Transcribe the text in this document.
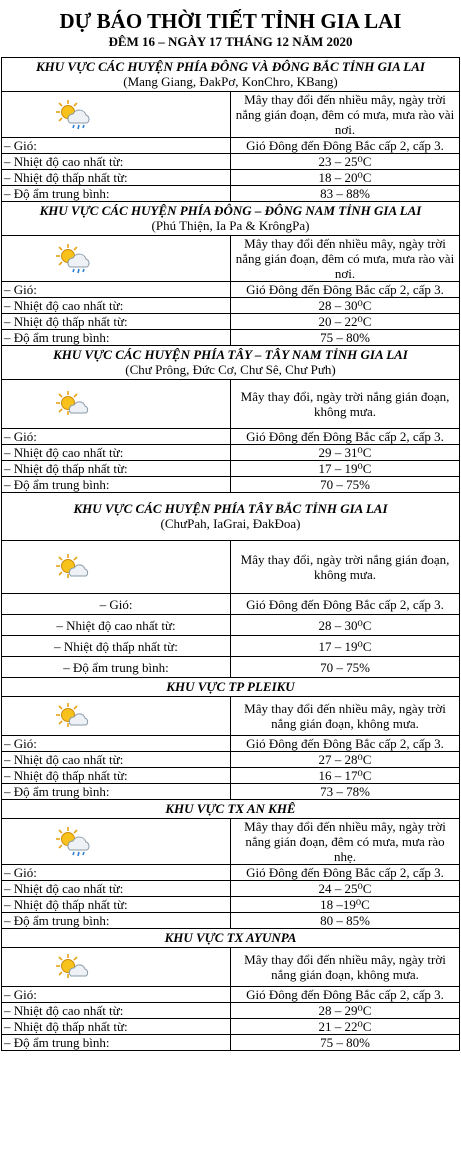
DỰ BÁO THỜI TIẾT TỈNH GIA LAI
ĐÊM 16 – NGÀY 17 THÁNG 12 NĂM 2020
KHU VỰC CÁC HUYỆN PHÍA ĐÔNG VÀ ĐÔNG BẮC TỈNH GIA LAI
(Mang Giang, ĐakPơ, KonChro, KBang)	

	Mây thay đổi đến nhiều mây, ngày trời nắng gián đoạn, đêm có mưa, mưa rào vài nơi.
– Gió:	Gió Đông đến Đông Bắc cấp 2, cấp 3.
– Nhiệt độ cao nhất từ:	23 – 25⁰C
– Nhiệt độ thấp nhất từ:	18 – 20⁰C
– Độ ẩm trung bình:	83 – 88%

KHU VỰC CÁC HUYỆN PHÍA ĐÔNG – ĐÔNG NAM TỈNH GIA LAI
(Phú Thiện, Ia Pa & KrôngPa)	

	Mây thay đổi đến nhiều mây, ngày trời nắng gián đoạn, đêm có mưa, mưa rào vài nơi.
– Gió:	Gió Đông đến Đông Bắc cấp 2, cấp 3.
– Nhiệt độ cao nhất từ:	28 – 30⁰C
– Nhiệt độ thấp nhất từ:	20 – 22⁰C
– Độ ẩm trung bình:	75 – 80%

KHU VỰC CÁC HUYỆN PHÍA TÂY – TÂY NAM TỈNH GIA LAI
(Chư Prông, Đức Cơ, Chư Sê, Chư Pưh)	

	Mây thay đổi, ngày trời nắng gián đoạn, không mưa.
– Gió:	Gió Đông đến Đông Bắc cấp 2, cấp 3.
– Nhiệt độ cao nhất từ:	29 – 31⁰C
– Nhiệt độ thấp nhất từ:	17 – 19⁰C
– Độ ẩm trung bình:	70 – 75%

KHU VỰC CÁC HUYỆN PHÍA TÂY BẮC TỈNH GIA LAI
(ChưPah, IaGrai, ĐakĐoa)	

	Mây thay đổi, ngày trời nắng gián đoạn, không mưa.
– Gió:	Gió Đông đến Đông Bắc cấp 2, cấp 3.
– Nhiệt độ cao nhất từ:	28 – 30⁰C
– Nhiệt độ thấp nhất từ:	17 – 19⁰C
– Độ ẩm trung bình:	70 – 75%

KHU VỰC TP PLEIKU	

	Mây thay đổi đến nhiều mây, ngày trời nắng gián đoạn, không mưa.
– Gió:	Gió Đông đến Đông Bắc cấp 2, cấp 3.
– Nhiệt độ cao nhất từ:	27 – 28⁰C
– Nhiệt độ thấp nhất từ:	16 – 17⁰C
– Độ ẩm trung bình:	73 – 78%

KHU VỰC TX AN KHÊ	

	Mây thay đổi đến nhiều mây, ngày trời nắng gián đoạn, đêm có mưa, mưa rào nhẹ.
– Gió:	Gió Đông đến Đông Bắc cấp 2, cấp 3.
– Nhiệt độ cao nhất từ:	24 – 25⁰C
– Nhiệt độ thấp nhất từ:	18 –19⁰C
– Độ ẩm trung bình:	80 – 85%

KHU VỰC TX AYUNPA	

	Mây thay đổi đến nhiều mây, ngày trời nắng gián đoạn, không mưa.
– Gió:	Gió Đông đến Đông Bắc cấp 2, cấp 3.
– Nhiệt độ cao nhất từ:	28 – 29⁰C
– Nhiệt độ thấp nhất từ:	21 – 22⁰C
– Độ ẩm trung bình:	75 – 80%
